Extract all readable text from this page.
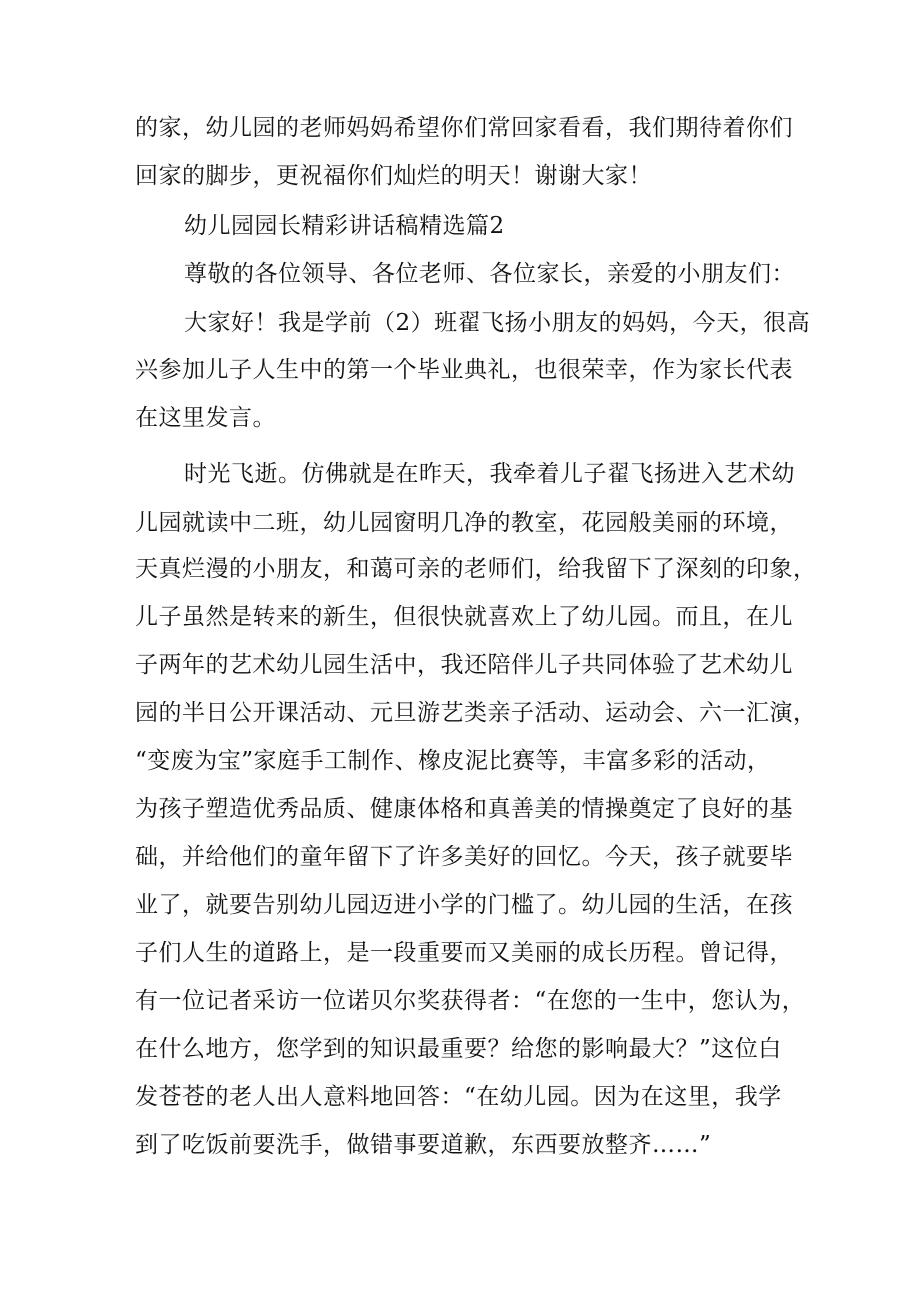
的家，幼儿园的老师妈妈希望你们常回家看看，我们期待着你们
回家的脚步，更祝福你们灿烂的明天！谢谢大家！
幼儿园园长精彩讲话稿精选篇2
尊敬的各位领导、各位老师、各位家长，亲爱的小朋友们：
大家好！我是学前（2）班翟飞扬小朋友的妈妈，今天，很高
兴参加儿子人生中的第一个毕业典礼，也很荣幸，作为家长代表
在这里发言。
时光飞逝。仿佛就是在昨天，我牵着儿子翟飞扬进入艺术幼
儿园就读中二班，幼儿园窗明几净的教室，花园般美丽的环境，
天真烂漫的小朋友，和蔼可亲的老师们，给我留下了深刻的印象，
儿子虽然是转来的新生，但很快就喜欢上了幼儿园。而且，在儿
子两年的艺术幼儿园生活中，我还陪伴儿子共同体验了艺术幼儿
园的半日公开课活动、元旦游艺类亲子活动、运动会、六一汇演，
“变废为宝”家庭手工制作、橡皮泥比赛等，丰富多彩的活动，
为孩子塑造优秀品质、健康体格和真善美的情操奠定了良好的基
础，并给他们的童年留下了许多美好的回忆。今天，孩子就要毕
业了，就要告别幼儿园迈进小学的门槛了。幼儿园的生活，在孩
子们人生的道路上，是一段重要而又美丽的成长历程。曾记得，
有一位记者采访一位诺贝尔奖获得者：“在您的一生中，您认为，
在什么地方，您学到的知识最重要？给您的影响最大？”这位白
发苍苍的老人出人意料地回答：“在幼儿园。因为在这里，我学
到了吃饭前要洗手，做错事要道歉，东西要放整齐……”
